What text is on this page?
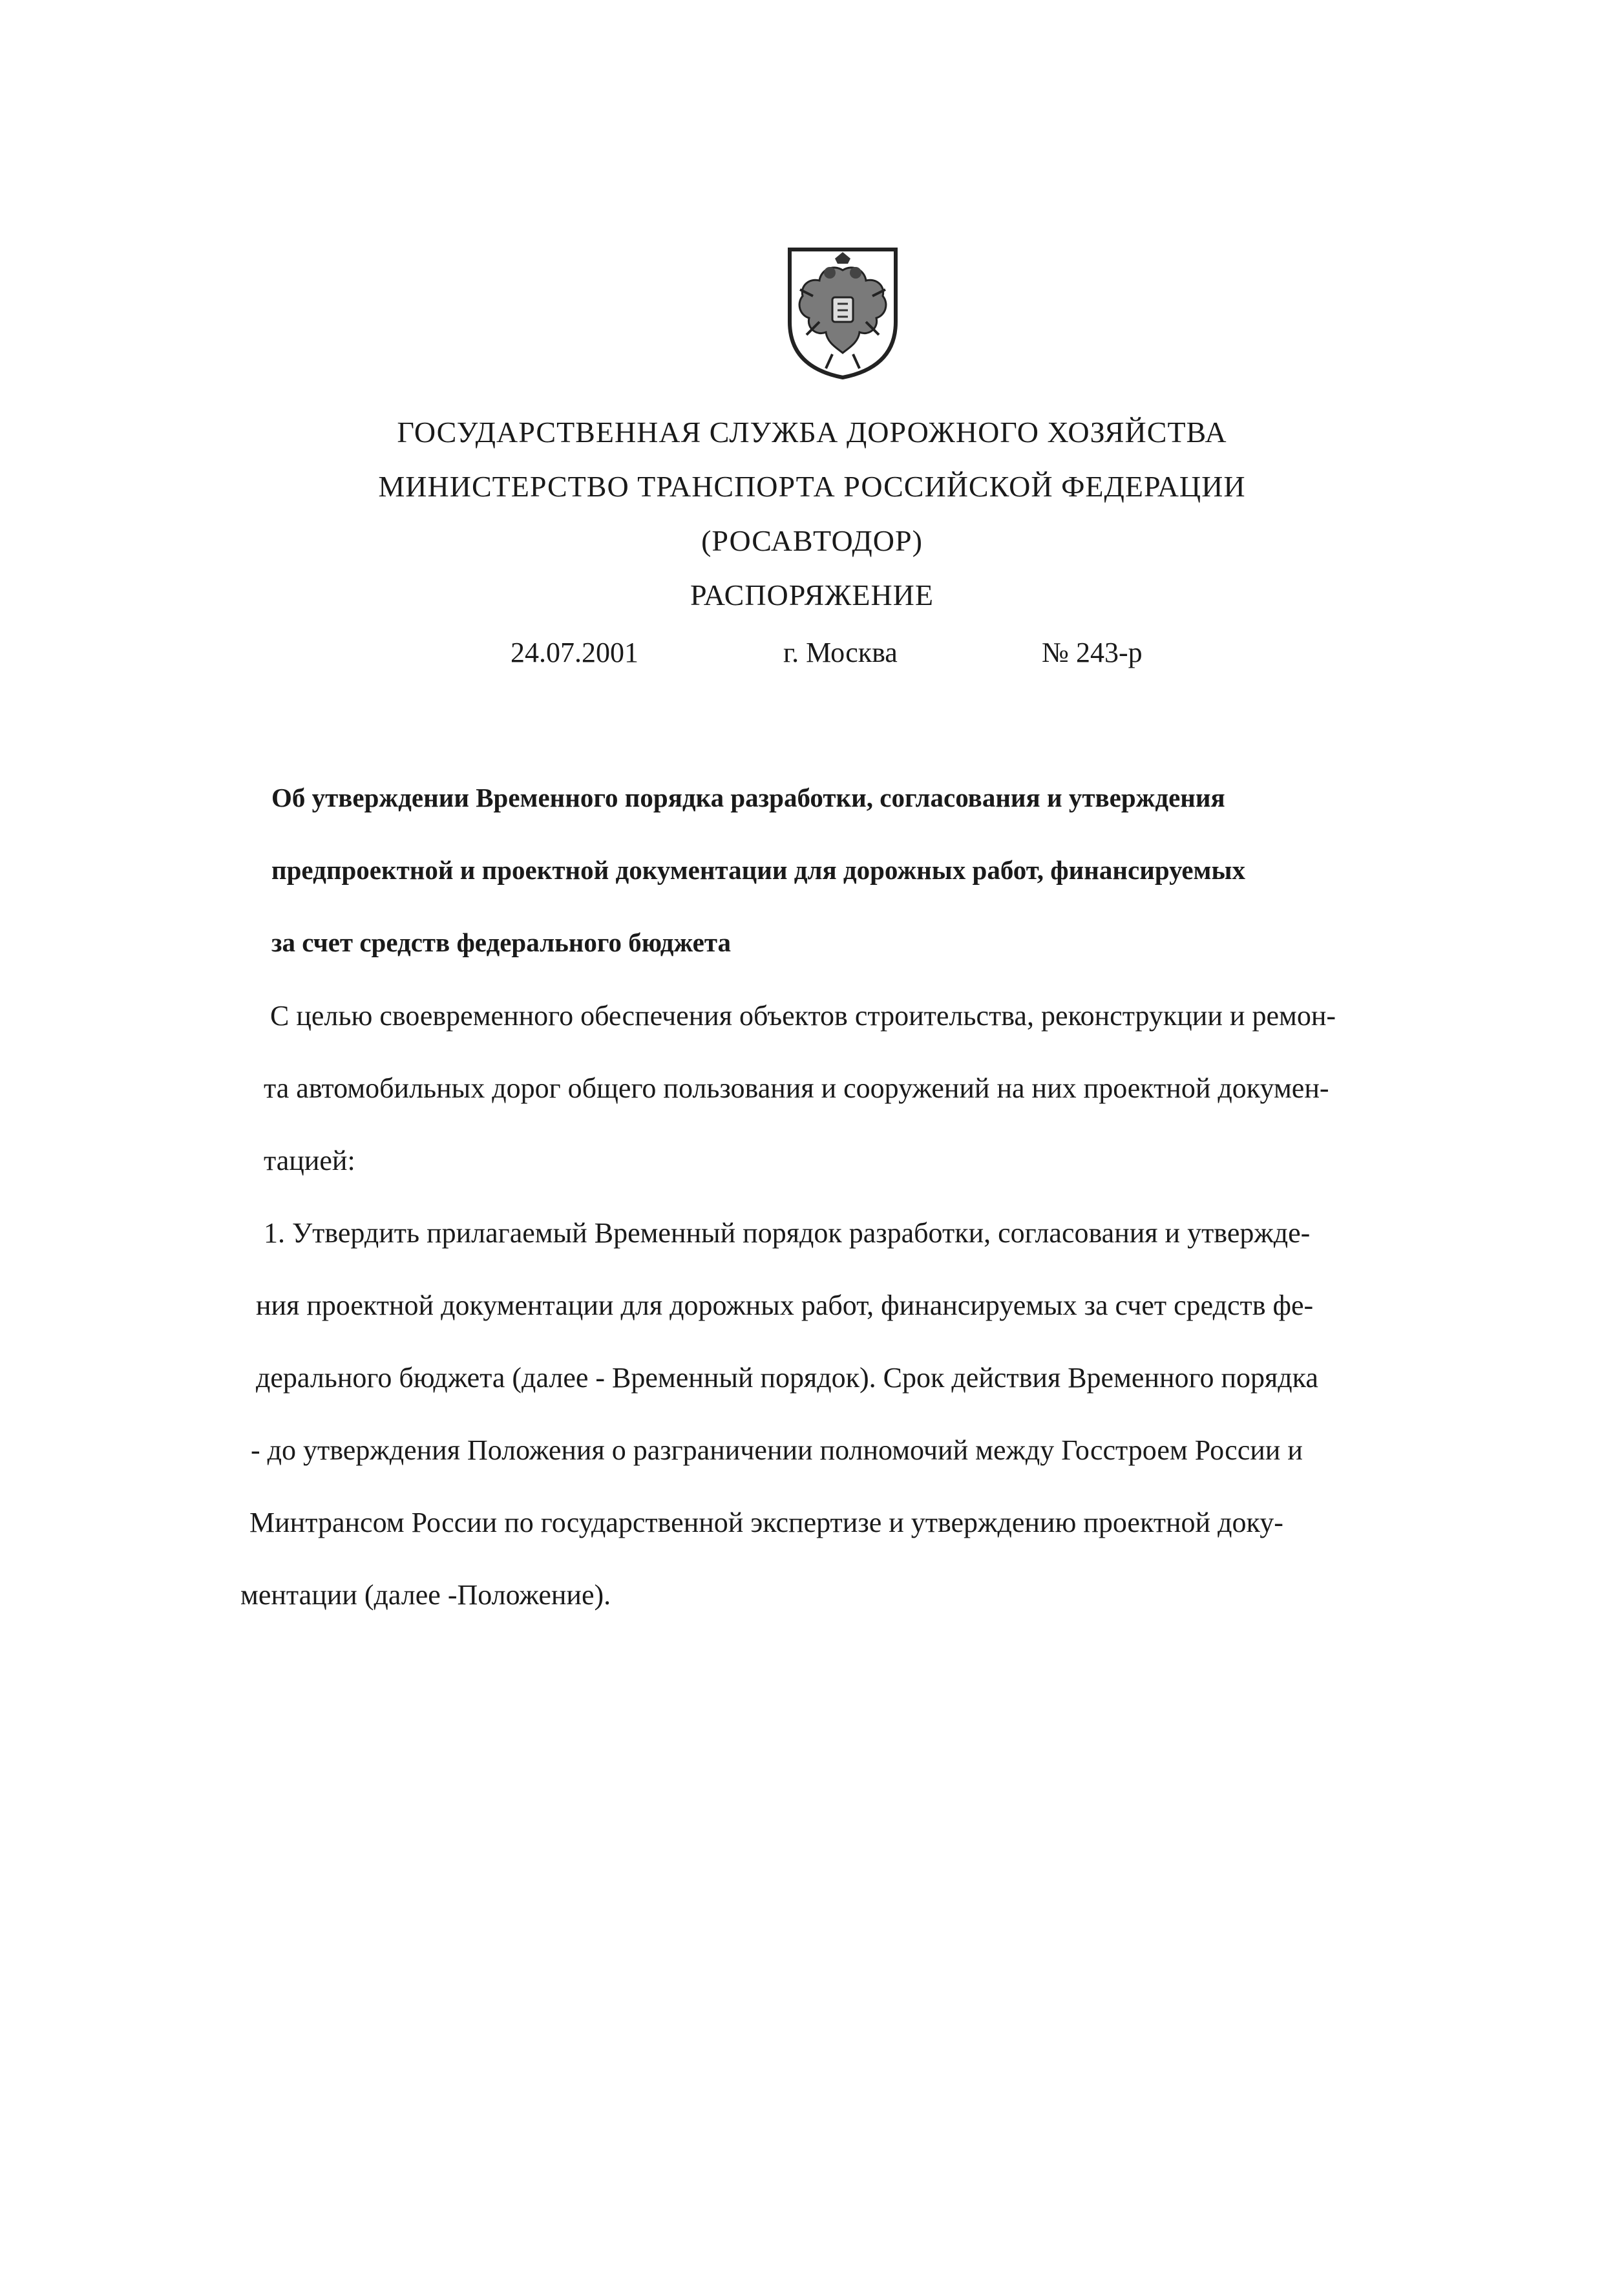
ГОСУДАРСТВЕННАЯ СЛУЖБА ДОРОЖНОГО ХОЗЯЙСТВА
МИНИСТЕРСТВО ТРАНСПОРТА РОССИЙСКОЙ ФЕДЕРАЦИИ
(РОСАВТОДОР)
РАСПОРЯЖЕНИЕ
24.07.2001	г. Москва	№ 243-р
Об утверждении Временного порядка разработки, согласования и утверждения
предпроектной и проектной документации для дорожных работ, финансируемых
за счет средств федерального бюджета
С целью своевременного обеспечения объектов строительства, реконструкции и ремон-
та автомобильных дорог общего пользования и сооружений на них проектной докумен-
тацией:
1. Утвердить прилагаемый Временный порядок разработки, согласования и утвержде-
ния проектной документации для дорожных работ, финансируемых за счет средств фе-
дерального бюджета (далее - Временный порядок). Срок действия Временного порядка
- до утверждения Положения о разграничении полномочий между Госстроем России и
Минтрансом России по государственной экспертизе и утверждению проектной доку-
ментации (далее -Положение).
